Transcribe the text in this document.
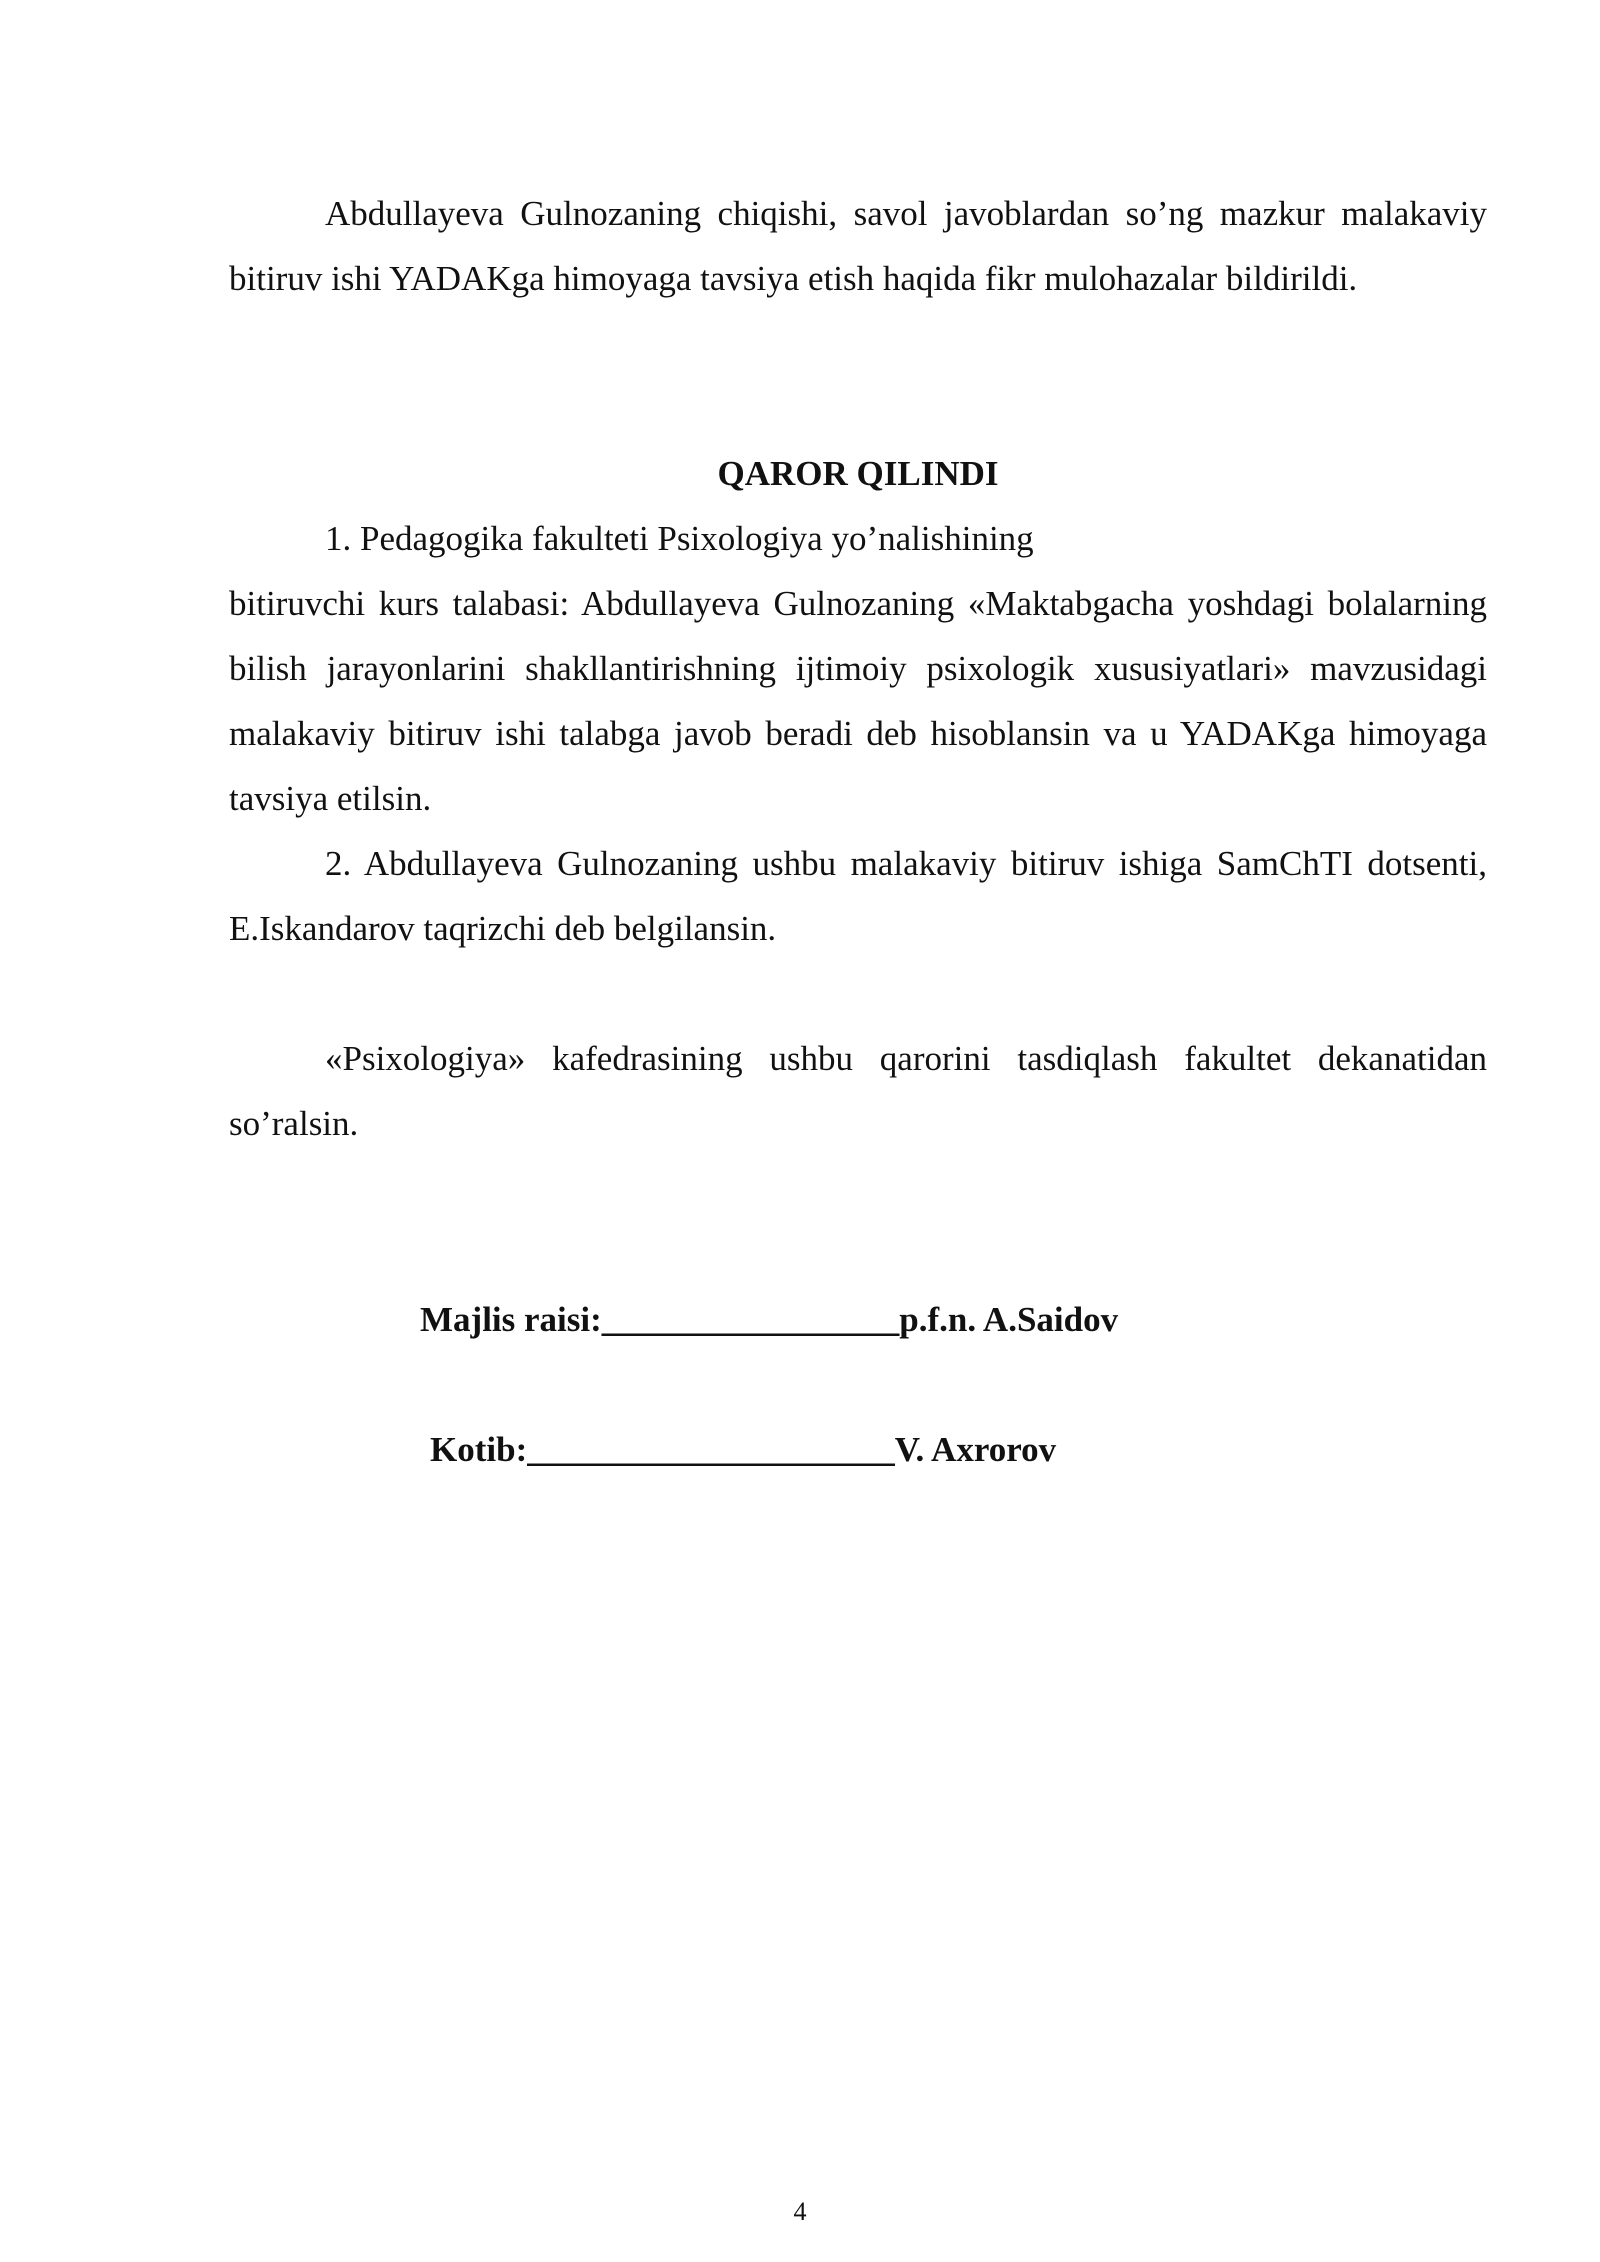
Abdullayeva Gulnozaning chiqishi, savol javoblardan so’ng mazkur malakaviy bitiruv ishi YADAKga himoyaga tavsiya etish haqida fikr mulohazalar bildirildi.

QAROR QILINDI
1. Pedagogika fakulteti Psixologiya yo’nalishining

bitiruvchi kurs talabasi: Abdullayeva Gulnozaning «Maktabgacha yoshdagi bolalarning bilish jarayonlarini shakllantirishning ijtimoiy psixologik xususiyatlari» mavzusidagi malakaviy bitiruv ishi talabga javob beradi deb hisoblansin va u YADAKga himoyaga tavsiya etilsin.

2. Abdullayeva Gulnozaning ushbu malakaviy bitiruv ishiga SamChTI dotsenti, E.Iskandarov taqrizchi deb belgilansin.

«Psixologiya» kafedrasining ushbu qarorini tasdiqlash fakultet dekanatidan so’ralsin.

Majlis raisi:_________________p.f.n. A.Saidov
Kotib:_____________________V. Axrorov
4
